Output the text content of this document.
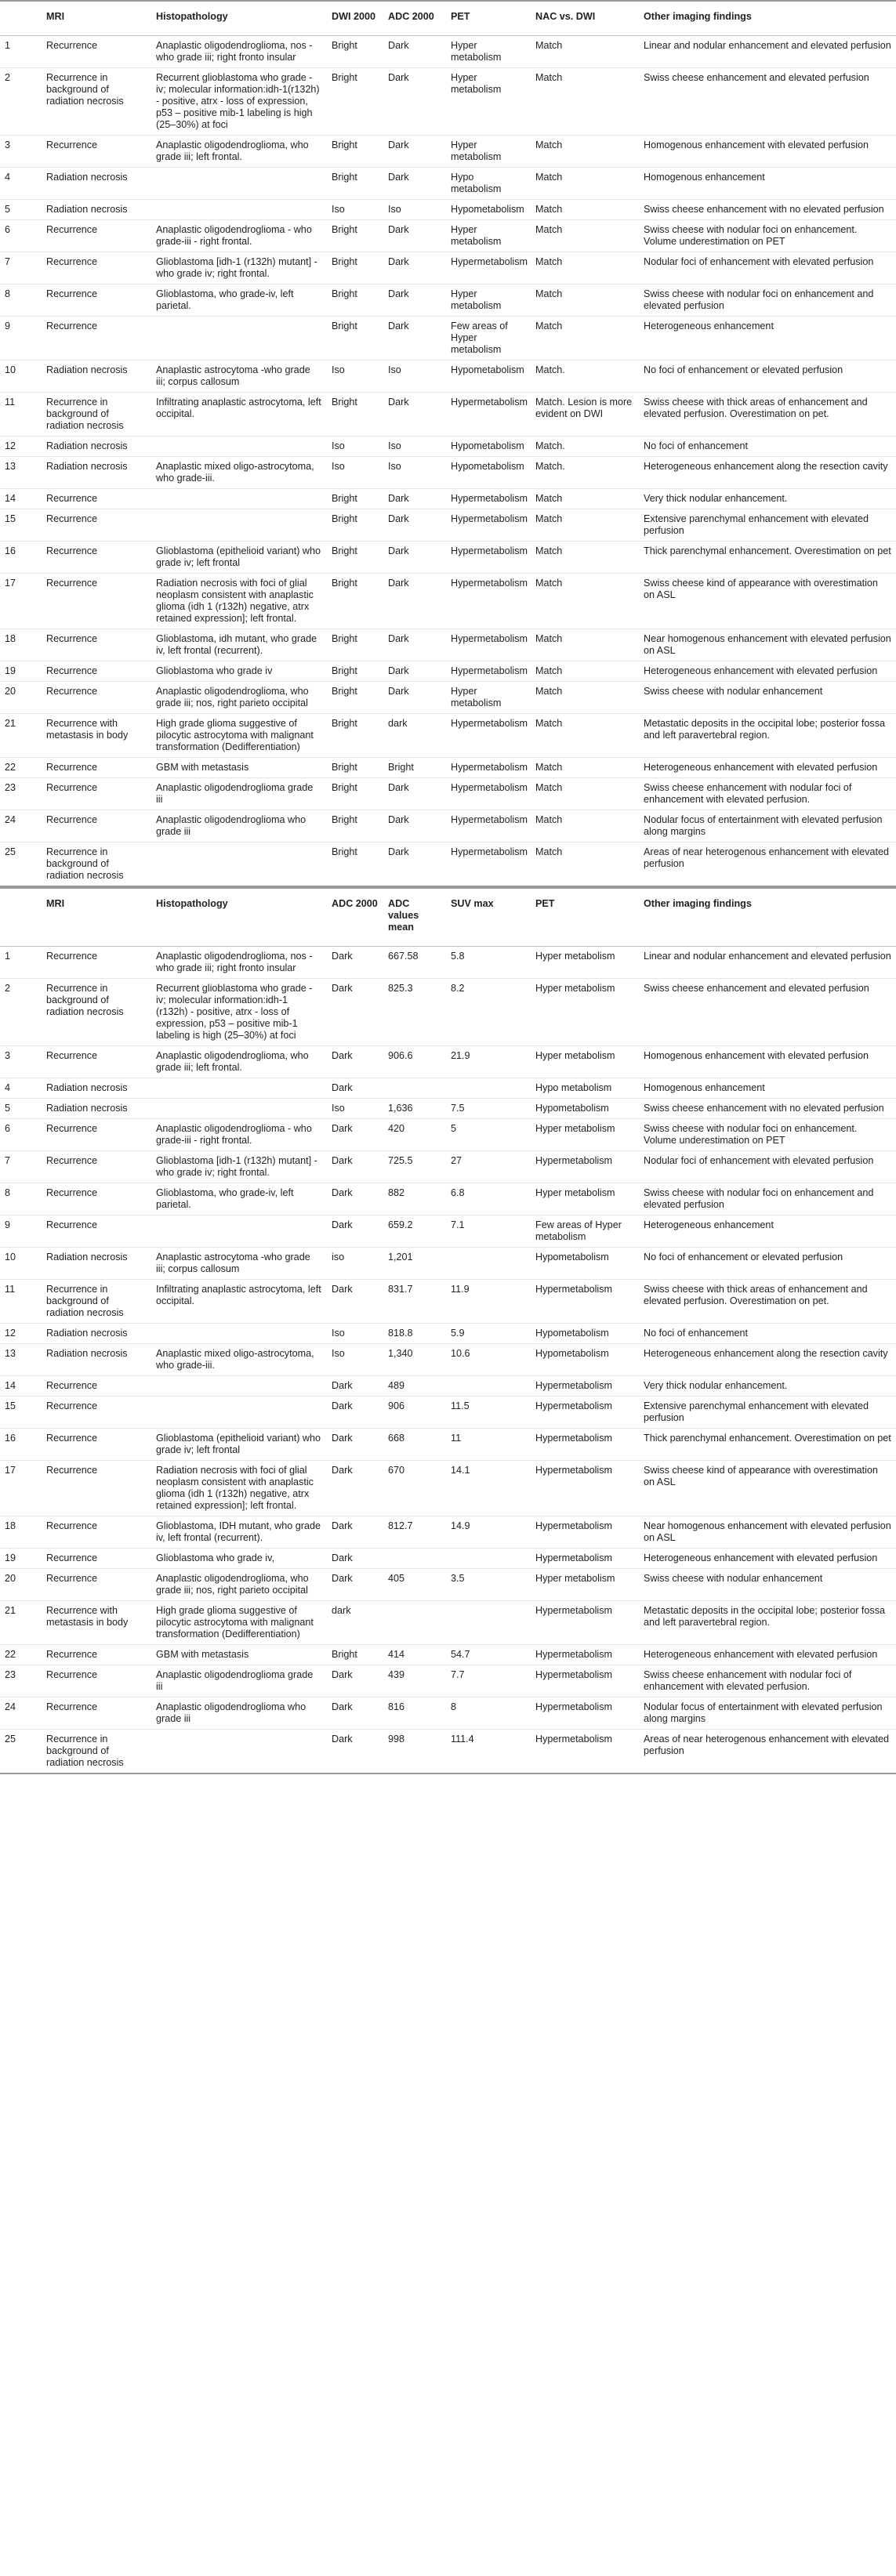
	MRI	Histopathology	DWI 2000	ADC 2000	PET	NAC vs. DWI	Other imaging findings
1	Recurrence	Anaplastic oligodendroglioma, nos - who grade iii; right fronto insular	Bright	Dark	Hyper metabolism	Match	Linear and nodular enhancement and elevated perfusion
2	Recurrence in background of radiation necrosis	Recurrent glioblastoma who grade -iv; molecular information:idh-1(r132h) - positive, atrx - loss of expression, p53 – positive mib-1 labeling is high (25–30%) at foci	Bright	Dark	Hyper metabolism	Match	Swiss cheese enhancement and elevated perfusion
3	Recurrence	Anaplastic oligodendroglioma, who grade iii; left frontal.	Bright	Dark	Hyper metabolism	Match	Homogenous enhancement with elevated perfusion
4	Radiation necrosis		Bright	Dark	Hypo metabolism	Match	Homogenous enhancement
5	Radiation necrosis		Iso	Iso	Hypometabolism	Match	Swiss cheese enhancement with no elevated perfusion
6	Recurrence	Anaplastic oligodendroglioma - who grade-iii - right frontal.	Bright	Dark	Hyper metabolism	Match	Swiss cheese with nodular foci on enhancement. Volume underestimation on PET
7	Recurrence	Glioblastoma [idh-1 (r132h) mutant] - who grade iv; right frontal.	Bright	Dark	Hypermetabolism	Match	Nodular foci of enhancement with elevated perfusion
8	Recurrence	Glioblastoma, who grade-iv, left parietal.	Bright	Dark	Hyper metabolism	Match	Swiss cheese with nodular foci on enhancement and elevated perfusion
9	Recurrence		Bright	Dark	Few areas of Hyper metabolism	Match	Heterogeneous enhancement
10	Radiation necrosis	Anaplastic astrocytoma -who grade iii; corpus callosum	Iso	Iso	Hypometabolism	Match.	No foci of enhancement or elevated perfusion
11	Recurrence in background of radiation necrosis	Infiltrating anaplastic astrocytoma, left occipital.	Bright	Dark	Hypermetabolism	Match. Lesion is more evident on DWI	Swiss cheese with thick areas of enhancement and elevated perfusion. Overestimation on pet.
12	Radiation necrosis		Iso	Iso	Hypometabolism	Match.	No foci of enhancement
13	Radiation necrosis	Anaplastic mixed oligo-astrocytoma, who grade-iii.	Iso	Iso	Hypometabolism	Match.	Heterogeneous enhancement along the resection cavity
14	Recurrence		Bright	Dark	Hypermetabolism	Match	Very thick nodular enhancement.
15	Recurrence		Bright	Dark	Hypermetabolism	Match	Extensive parenchymal enhancement with elevated perfusion
16	Recurrence	Glioblastoma (epithelioid variant) who grade iv; left frontal	Bright	Dark	Hypermetabolism	Match	Thick parenchymal enhancement. Overestimation on pet
17	Recurrence	Radiation necrosis with foci of glial neoplasm consistent with anaplastic glioma (idh 1 (r132h) negative, atrx retained expression]; left frontal.	Bright	Dark	Hypermetabolism	Match	Swiss cheese kind of appearance with overestimation on ASL
18	Recurrence	Glioblastoma, idh mutant, who grade iv, left frontal (recurrent).	Bright	Dark	Hypermetabolism	Match	Near homogenous enhancement with elevated perfusion on ASL
19	Recurrence	Glioblastoma who grade iv	Bright	Dark	Hypermetabolism	Match	Heterogeneous enhancement with elevated perfusion
20	Recurrence	Anaplastic oligodendroglioma, who grade iii; nos, right parieto occipital	Bright	Dark	Hyper metabolism	Match	Swiss cheese with nodular enhancement
21	Recurrence with metastasis in body	High grade glioma suggestive of pilocytic astrocytoma with malignant transformation (Dedifferentiation)	Bright	dark	Hypermetabolism	Match	Metastatic deposits in the occipital lobe; posterior fossa and left paravertebral region.
22	Recurrence	GBM with metastasis	Bright	Bright	Hypermetabolism	Match	Heterogeneous enhancement with elevated perfusion
23	Recurrence	Anaplastic oligodendroglioma grade iii	Bright	Dark	Hypermetabolism	Match	Swiss cheese enhancement with nodular foci of enhancement with elevated perfusion.
24	Recurrence	Anaplastic oligodendroglioma who grade iii	Bright	Dark	Hypermetabolism	Match	Nodular focus of entertainment with elevated perfusion along margins
25	Recurrence in background of radiation necrosis		Bright	Dark	Hypermetabolism	Match	Areas of near heterogenous enhancement with elevated perfusion
	MRI	Histopathology	ADC 2000	ADC values mean	SUV max	PET	Other imaging findings
1	Recurrence	Anaplastic oligodendroglioma, nos - who grade iii; right fronto insular	Dark	667.58	5.8	Hyper metabolism	Linear and nodular enhancement and elevated perfusion
2	Recurrence in background of radiation necrosis	Recurrent glioblastoma who grade -iv; molecular information:idh-1 (r132h) - positive, atrx - loss of expression, p53 – positive mib-1 labeling is high (25–30%) at foci	Dark	825.3	8.2	Hyper metabolism	Swiss cheese enhancement and elevated perfusion
3	Recurrence	Anaplastic oligodendroglioma, who grade iii; left frontal.	Dark	906.6	21.9	Hyper metabolism	Homogenous enhancement with elevated perfusion
4	Radiation necrosis		Dark			Hypo metabolism	Homogenous enhancement
5	Radiation necrosis		Iso	1,636	7.5	Hypometabolism	Swiss cheese enhancement with no elevated perfusion
6	Recurrence	Anaplastic oligodendroglioma - who grade-iii - right frontal.	Dark	420	5	Hyper metabolism	Swiss cheese with nodular foci on enhancement. Volume underestimation on PET
7	Recurrence	Glioblastoma [idh-1 (r132h) mutant] - who grade iv; right frontal.	Dark	725.5	27	Hypermetabolism	Nodular foci of enhancement with elevated perfusion
8	Recurrence	Glioblastoma, who grade-iv, left parietal.	Dark	882	6.8	Hyper metabolism	Swiss cheese with nodular foci on enhancement and elevated perfusion
9	Recurrence		Dark	659.2	7.1	Few areas of Hyper metabolism	Heterogeneous enhancement
10	Radiation necrosis	Anaplastic astrocytoma -who grade iii; corpus callosum	iso	1,201		Hypometabolism	No foci of enhancement or elevated perfusion
11	Recurrence in background of radiation necrosis	Infiltrating anaplastic astrocytoma, left occipital.	Dark	831.7	11.9	Hypermetabolism	Swiss cheese with thick areas of enhancement and elevated perfusion. Overestimation on pet.
12	Radiation necrosis		Iso	818.8	5.9	Hypometabolism	No foci of enhancement
13	Radiation necrosis	Anaplastic mixed oligo-astrocytoma, who grade-iii.	Iso	1,340	10.6	Hypometabolism	Heterogeneous enhancement along the resection cavity
14	Recurrence		Dark	489		Hypermetabolism	Very thick nodular enhancement.
15	Recurrence		Dark	906	11.5	Hypermetabolism	Extensive parenchymal enhancement with elevated perfusion
16	Recurrence	Glioblastoma (epithelioid variant) who grade iv; left frontal	Dark	668	11	Hypermetabolism	Thick parenchymal enhancement. Overestimation on pet
17	Recurrence	Radiation necrosis with foci of glial neoplasm consistent with anaplastic glioma (idh 1 (r132h) negative, atrx retained expression]; left frontal.	Dark	670	14.1	Hypermetabolism	Swiss cheese kind of appearance with overestimation on ASL
18	Recurrence	Glioblastoma, IDH mutant, who grade iv, left frontal (recurrent).	Dark	812.7	14.9	Hypermetabolism	Near homogenous enhancement with elevated perfusion on ASL
19	Recurrence	Glioblastoma who grade iv,	Dark			Hypermetabolism	Heterogeneous enhancement with elevated perfusion
20	Recurrence	Anaplastic oligodendroglioma, who grade iii; nos, right parieto occipital	Dark	405	3.5	Hyper metabolism	Swiss cheese with nodular enhancement
21	Recurrence with metastasis in body	High grade glioma suggestive of pilocytic astrocytoma with malignant transformation (Dedifferentiation)	dark			Hypermetabolism	Metastatic deposits in the occipital lobe; posterior fossa and left paravertebral region.
22	Recurrence	GBM with metastasis	Bright	414	54.7	Hypermetabolism	Heterogeneous enhancement with elevated perfusion
23	Recurrence	Anaplastic oligodendroglioma grade iii	Dark	439	7.7	Hypermetabolism	Swiss cheese enhancement with nodular foci of enhancement with elevated perfusion.
24	Recurrence	Anaplastic oligodendroglioma who grade iii	Dark	816	8	Hypermetabolism	Nodular focus of entertainment with elevated perfusion along margins
25	Recurrence in background of radiation necrosis		Dark	998	111.4	Hypermetabolism	Areas of near heterogenous enhancement with elevated perfusion
